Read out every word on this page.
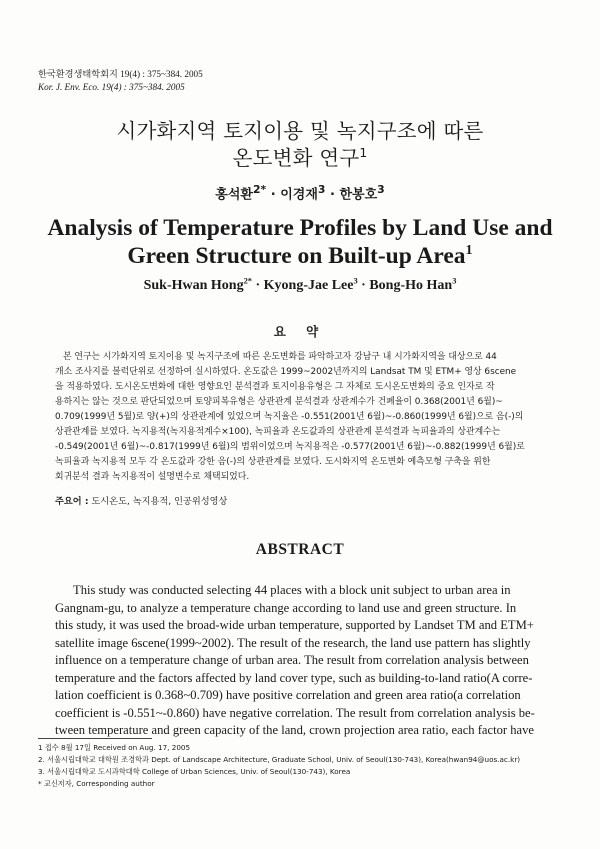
한국환경생태학회지 19(4) : 375~384. 2005
Kor. J. Env. Eco. 19(4) : 375~384. 2005
시가화지역 토지이용 및 녹지구조에 따른
온도변화 연구$^1$
홍석환$^{2*}$ · 이경재$^3$ · 한봉호$^3$
Analysis of Temperature Profiles by Land Use and
Green Structure on Built-up Area$^1$
Suk-Hwan Hong$^{2*}$ · Kyong-Jae Lee$^3$ · Bong-Ho Han$^3$
요 약
본 연구는 시가화지역 토지이용 및 녹지구조에 따른 온도변화를 파악하고자 강남구 내 시가화지역을 대상으로 44
개소 조사지를 블럭단위로 선정하여 실시하였다. 온도값은 1999~2002년까지의 Landsat TM 및 ETM+ 영상 6scene
을 적용하였다. 도시온도변화에 대한 영향요인 분석결과 토지이용유형은 그 자체로 도시온도변화의 중요 인자로 작
용하지는 않는 것으로 판단되었으며 토양피복유형은 상관관계 분석결과 상관계수가 건폐율이 0.368(2001년 6월)~
0.709(1999년 5월)로 양(+)의 상관관계에 있었으며 녹지율은 -0.551(2001년 6월)~-0.860(1999년 6월)으로 음(-)의
상관관계를 보였다. 녹지용적(녹지용적계수×100), 녹피율과 온도값과의 상관관계 분석결과 녹피율과의 상관계수는
-0.549(2001년 6월)~-0.817(1999년 6월)의 범위이었으며 녹지용적은 -0.577(2001년 6월)~-0.882(1999년 6월)로
녹피율과 녹지용적 모두 각 온도값과 강한 음(-)의 상관관계를 보였다. 도시화지역 온도변화 예측모형 구축을 위한
회귀분석 결과 녹지용적이 설명변수로 채택되었다.
주요어 : 도시온도, 녹지용적, 인공위성영상
ABSTRACT
This study was conducted selecting 44 places with a block unit subject to urban area in
Gangnam-gu, to analyze a temperature change according to land use and green structure. In
this study, it was used the broad-wide urban temperature, supported by Landset TM and ETM+
satellite image 6scene(1999~2002). The result of the research, the land use pattern has slightly
influence on a temperature change of urban area. The result from correlation analysis between
temperature and the factors affected by land cover type, such as building-to-land ratio(A corre-
lation coefficient is 0.368~0.709) have positive correlation and green area ratio(a correlation
coefficient is -0.551~-0.860) have negative correlation. The result from correlation analysis be-
tween temperature and green capacity of the land, crown projection area ratio, each factor have
1 접수 8월 17일 Received on Aug. 17, 2005
2. 서울시립대학교 대학원 조경학과 Dept. of Landscape Architecture, Graduate School, Univ. of Seoul(130-743), Korea(hwan94@uos.ac.kr)
3. 서울시립대학교 도시과학대학 College of Urban Sciences, Univ. of Seoul(130-743), Korea
* 교신저자, Corresponding author
